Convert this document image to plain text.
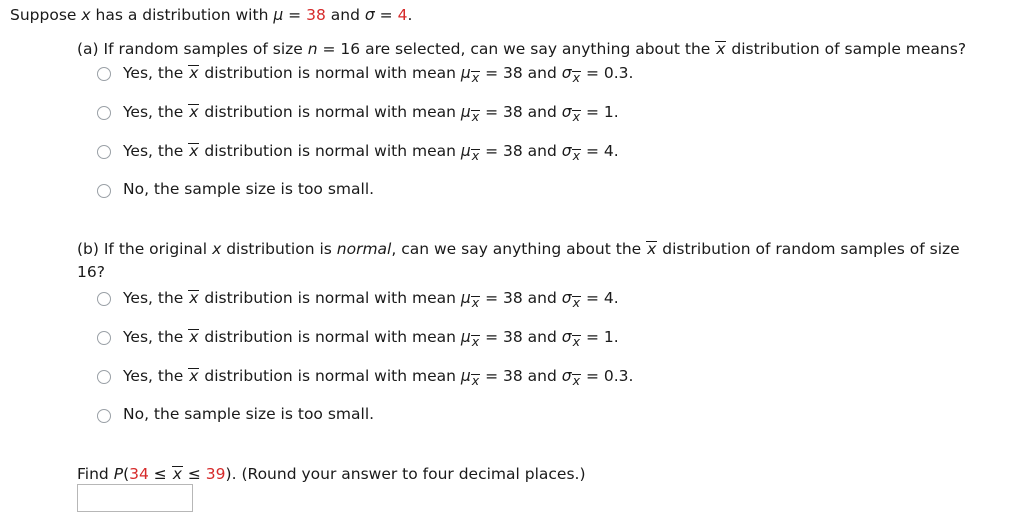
Suppose x has a distribution with μ = 38 and σ = 4.
(a) If random samples of size n = 16 are selected, can we say anything about the x distribution of sample means?
Yes, the x distribution is normal with mean μx = 38 and σx = 0.3.
Yes, the x distribution is normal with mean μx = 38 and σx = 1.
Yes, the x distribution is normal with mean μx = 38 and σx = 4.
No, the sample size is too small.
(b) If the original x distribution is normal, can we say anything about the x distribution of random samples of size
16?
Yes, the x distribution is normal with mean μx = 38 and σx = 4.
Yes, the x distribution is normal with mean μx = 38 and σx = 1.
Yes, the x distribution is normal with mean μx = 38 and σx = 0.3.
No, the sample size is too small.
Find P(34 ≤ x ≤ 39). (Round your answer to four decimal places.)
